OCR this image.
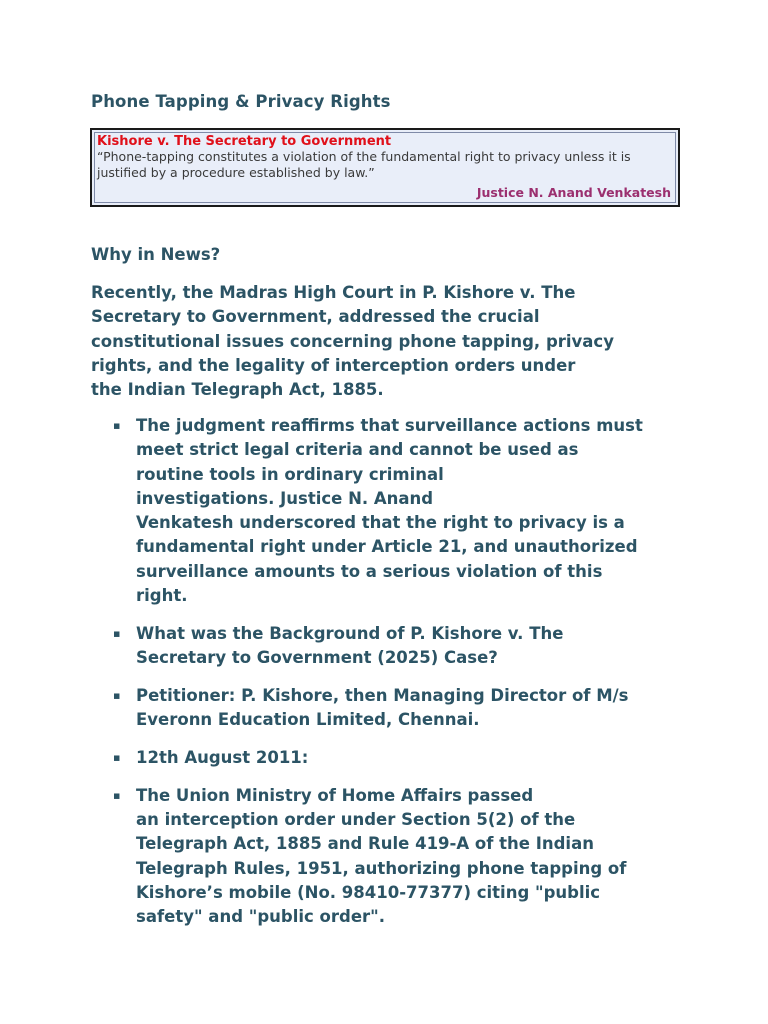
Phone Tapping & Privacy Rights

Kishore v. The Secretary to Government

“Phone-tapping constitutes a violation of the fundamental right to privacy unless it is
justified by a procedure established by law.”

Justice N. Anand Venkatesh

Why in News?

Recently, the Madras High Court in P. Kishore v. The
Secretary to Government, addressed the crucial
constitutional issues concerning phone tapping, privacy
rights, and the legality of interception orders under
the Indian Telegraph Act, 1885.

▪ The judgment reaffirms that surveillance actions must
meet strict legal criteria and cannot be used as
routine tools in ordinary criminal
investigations. Justice N. Anand
Venkatesh underscored that the right to privacy is a
fundamental right under Article 21, and unauthorized
surveillance amounts to a serious violation of this
right.
▪ What was the Background of P. Kishore v. The
Secretary to Government (2025) Case?
▪ Petitioner: P. Kishore, then Managing Director of M/s
Everonn Education Limited, Chennai.
▪ 12th August 2011:
▪ The Union Ministry of Home Affairs passed
an interception order under Section 5(2) of the
Telegraph Act, 1885 and Rule 419-A of the Indian
Telegraph Rules, 1951, authorizing phone tapping of
Kishore’s mobile (No. 98410-77377) citing "public
safety" and "public order".
